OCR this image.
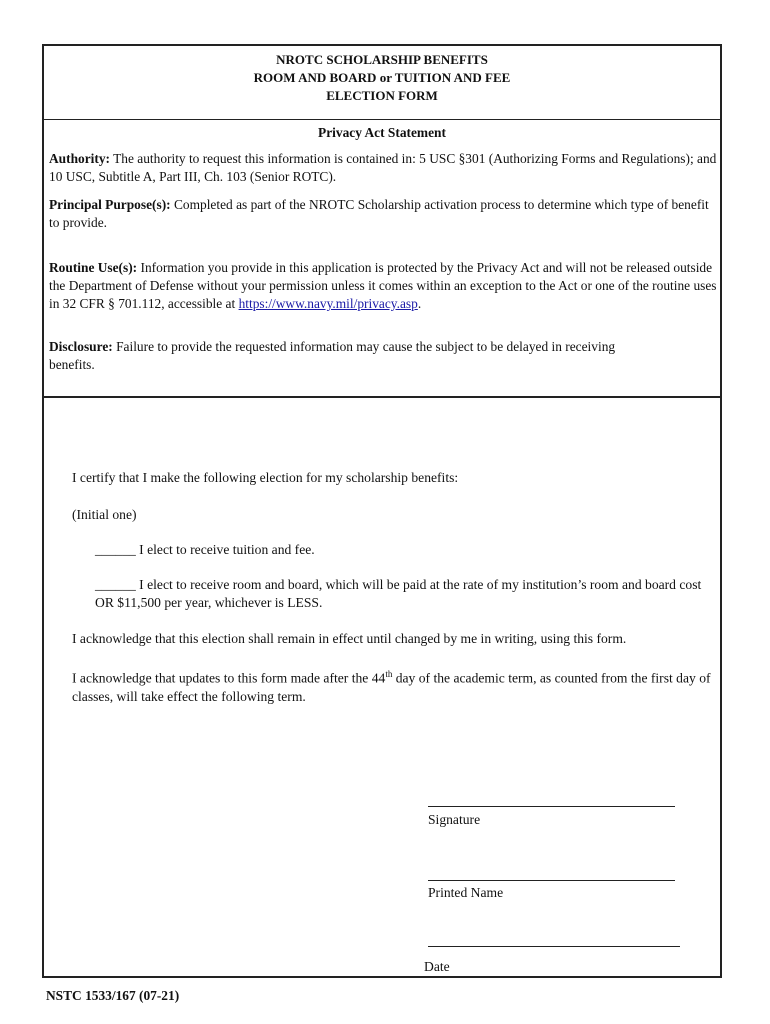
NROTC SCHOLARSHIP BENEFITS
ROOM AND BOARD or TUITION AND FEE
ELECTION FORM
Privacy Act Statement
Authority: The authority to request this information is contained in: 5 USC §301 (Authorizing Forms and Regulations); and 10 USC, Subtitle A, Part III, Ch. 103 (Senior ROTC).
Principal Purpose(s): Completed as part of the NROTC Scholarship activation process to determine which type of benefit to provide.
Routine Use(s): Information you provide in this application is protected by the Privacy Act and will not be released outside the Department of Defense without your permission unless it comes within an exception to the Act or one of the routine uses in 32 CFR § 701.112, accessible at https://www.navy.mil/privacy.asp.
Disclosure: Failure to provide the requested information may cause the subject to be delayed in receiving benefits.
I certify that I make the following election for my scholarship benefits:
(Initial one)
______ I elect to receive tuition and fee.
______ I elect to receive room and board, which will be paid at the rate of my institution’s room and board cost OR $11,500 per year, whichever is LESS.
I acknowledge that this election shall remain in effect until changed by me in writing, using this form.
I acknowledge that updates to this form made after the 44th day of the academic term, as counted from the first day of classes, will take effect the following term.
Signature
Printed Name
Date
NSTC 1533/167 (07-21)
